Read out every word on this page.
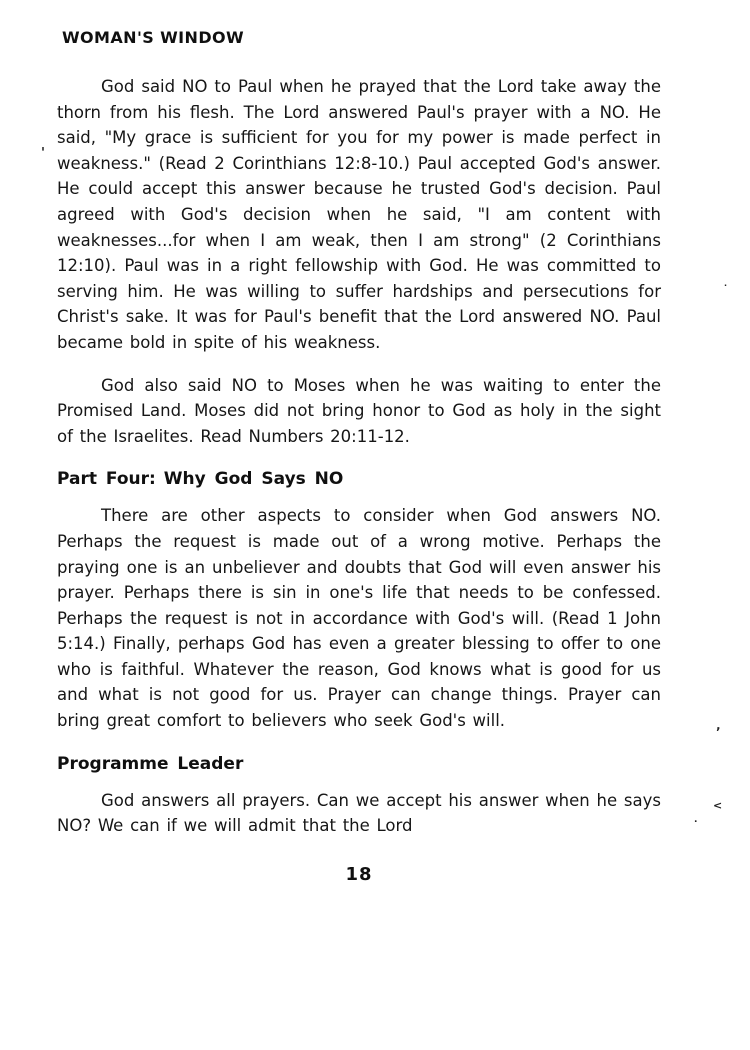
WOMAN'S WINDOW

God said NO to Paul when he prayed that the Lord take away the thorn from his flesh. The Lord answered Paul's prayer with a NO. He said, "My grace is sufficient for you for my power is made perfect in weakness." (Read 2 Corinthians 12:8-10.) Paul accepted God's answer. He could accept this answer because he trusted God's decision. Paul agreed with God's decision when he said, "I am content with weaknesses...for when I am weak, then I am strong" (2 Corinthians 12:10). Paul was in a right fellowship with God. He was committed to serving him. He was willing to suffer hardships and persecutions for Christ's sake. It was for Paul's benefit that the Lord answered NO. Paul became bold in spite of his weakness.

God also said NO to Moses when he was waiting to enter the Promised Land. Moses did not bring honor to God as holy in the sight of the Israelites. Read Numbers 20:11-12.

Part Four: Why God Says NO

There are other aspects to consider when God answers NO. Perhaps the request is made out of a wrong motive. Perhaps the praying one is an unbeliever and doubts that God will even answer his prayer. Perhaps there is sin in one's life that needs to be confessed. Perhaps the request is not in accordance with God's will. (Read 1 John 5:14.) Finally, perhaps God has even a greater blessing to offer to one who is faithful. Whatever the reason, God knows what is good for us and what is not good for us. Prayer can change things. Prayer can bring great comfort to believers who seek God's will.

Programme Leader

God answers all prayers. Can we accept his answer when he says NO? We can if we will admit that the Lord

18
'
ʼ
<
.
.
